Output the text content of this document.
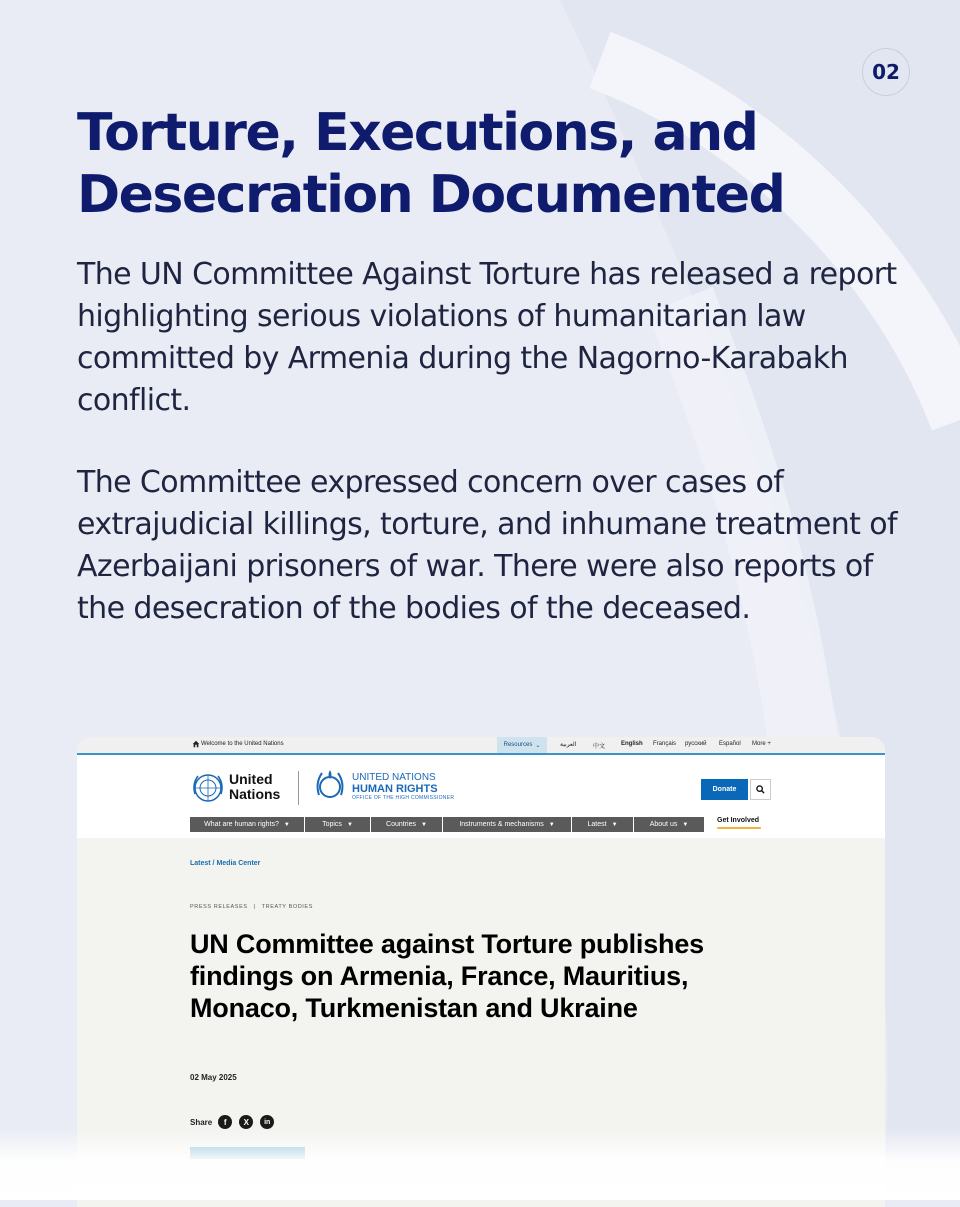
02
Torture, Executions, and Desecration Documented

The UN Committee Against Torture has released a report highlighting serious violations of humanitarian law committed by Armenia during the Nagorno-Karabakh conflict.

The Committee expressed concern over cases of extrajudicial killings, torture, and inhumane treatment of Azerbaijani prisoners of war. There were also reports of the desecration of the bodies of the deceased.

Welcome to the United Nations	Resources ⌄	العربية	中文	English Français русский Español More +
United
Nations
UNITED NATIONS
HUMAN RIGHTS
OFFICE OF THE HIGH COMMISSIONER
Donate
What are human rights? ▼	Topics ▼	Countries ▼	Instruments & mechanisms ▼	Latest ▼	About us ▼
Get Involved
Latest / Media Center
PRESS RELEASES | TREATY BODIES
UN Committee against Torture publishes findings on Armenia, France, Mauritius, Monaco, Turkmenistan and Ukraine
02 May 2025
Share	f	X	in
